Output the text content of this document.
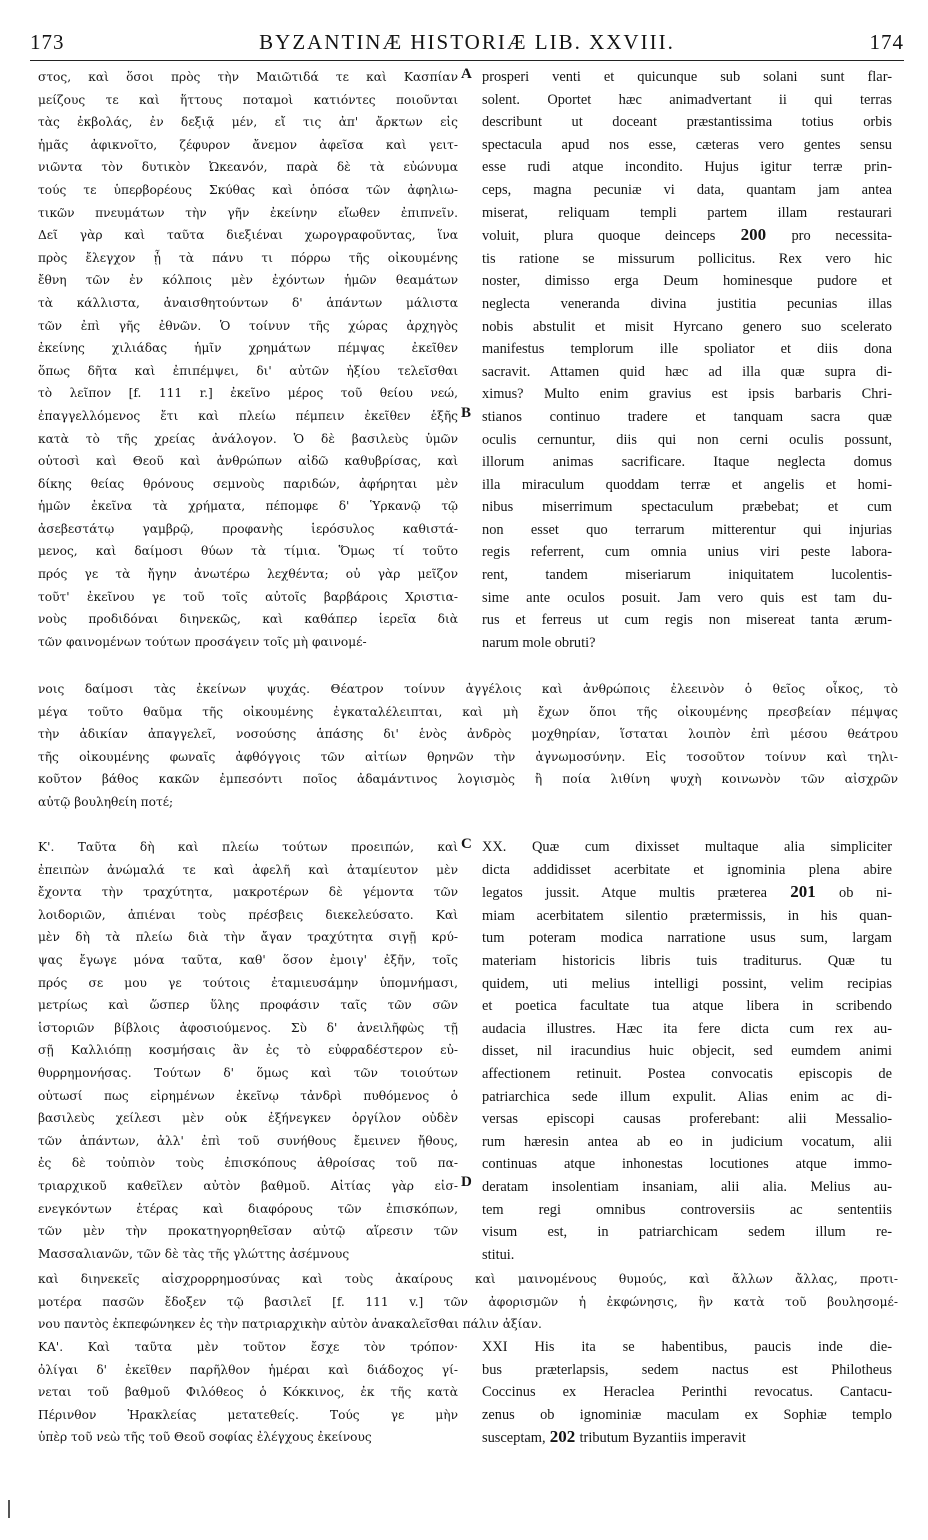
173	BYZANTINÆ HISTORIÆ LIB. XXVIII.	174
στος, καὶ ὅσοι πρὸς τὴν Μαιῶτιδά τε καὶ Κασπίαν
μείζους τε καὶ ἥττους ποταμοὶ κατιόντες ποιοῦνται
τὰς ἐκβολάς, ἐν δεξιᾷ μέν, εἴ τις ἀπ' ἄρκτων εἰς
ἡμᾶς ἀφικνοῖτο, ζέφυρον ἄνεμον ἀφεῖσα καὶ γειτ-
νιῶντα τὸν δυτικὸν Ὠκεανόν, παρὰ δὲ τὰ εὐώνυμα
τούς τε ὑπερβορέους Σκύθας καὶ ὁπόσα τῶν ἀφηλιω-
τικῶν πνευμάτων τὴν γῆν ἐκείνην εἴωθεν ἐπιπνεῖν.
Δεῖ γὰρ καὶ ταῦτα διεξιέναι χωρογραφοῦντας, ἵνα
πρὸς ἔλεγχον ᾖ τὰ πάνυ τι πόρρω τῆς οἰκουμένης
ἔθνη τῶν ἐν κόλποις μὲν ἐχόντων ἡμῶν θεαμάτων
τὰ κάλλιστα, ἀναισθητούντων δ' ἁπάντων μάλιστα
τῶν ἐπὶ γῆς ἐθνῶν. Ὁ τοίνυν τῆς χώρας ἀρχηγὸς
ἐκείνης χιλιάδας ἡμῖν χρημάτων πέμψας ἐκεῖθεν
ὅπως δῆτα καὶ ἐπιπέμψει, δι' αὐτῶν ἠξίου τελεῖσθαι
τὸ λεῖπον [f. 111 r.] ἐκεῖνο μέρος τοῦ θείου νεώ,
ἐπαγγελλόμενος ἔτι καὶ πλείω πέμπειν ἐκεῖθεν ἑξῆς
κατὰ τὸ τῆς χρείας ἀνάλογον. Ὁ δὲ βασιλεὺς ὑμῶν
οὑτοσὶ καὶ Θεοῦ καὶ ἀνθρώπων αἰδῶ καθυβρίσας, καὶ
δίκης θείας θρόνους σεμνοὺς παριδών, ἀφήρηται μὲν
ἡμῶν ἐκεῖνα τὰ χρήματα, πέπομφε δ' Ὑρκανῷ τῷ
ἀσεβεστάτῳ γαμβρῷ, προφανὴς ἱερόσυλος καθιστά-
μενος, καὶ δαίμοσι θύων τὰ τίμια. Ὅμως τί τοῦτο
πρός γε τὰ ἤγην ἀνωτέρω λεχθέντα; οὐ γὰρ μεῖζον
τοῦτ' ἐκεῖνου γε τοῦ τοῖς αὐτοῖς βαρβάροις Χριστια-
νοὺς προδιδόναι διηνεκῶς, καὶ καθάπερ ἱερεῖα διὰ
τῶν φαινομένων τούτων προσάγειν τοῖς μὴ φαινομέ-
prosperi venti et quicunque sub solani sunt flar-
solent. Oportet hæc animadvertant ii qui terras
describunt ut doceant præstantissima totius orbis
spectacula apud nos esse, cæteras vero gentes sensu
esse rudi atque incondito. Hujus igitur terræ prin-
ceps, magna pecuniæ vi data, quantam jam antea
miserat, reliquam templi partem illam restaurari
voluit, plura quoque deinceps 200 pro necessita-
tis ratione se missurum pollicitus. Rex vero hic
noster, dimisso erga Deum hominesque pudore et
neglecta veneranda divina justitia pecunias illas
nobis abstulit et misit Hyrcano genero suo scelerato
manifestus templorum ille spoliator et diis dona
sacravit. Attamen quid hæc ad illa quæ supra di-
ximus? Multo enim gravius est ipsis barbaris Chri-
stianos continuo tradere et tanquam sacra quæ
oculis cernuntur, diis qui non cerni oculis possunt,
illorum animas sacrificare. Itaque neglecta domus
illa miraculum quoddam terræ et angelis et homi-
nibus miserrimum spectaculum præbebat; et cum
non esset quo terrarum mitterentur qui injurias
regis referrent, cum omnia unius viri peste labora-
rent, tandem miseriarum iniquitatem lucolentis-
sime ante oculos posuit. Jam vero quis est tam du-
rus et ferreus ut cum regis non misereat tanta ærum-
narum mole obruti?
νοις δαίμοσι τὰς ἐκείνων ψυχάς. Θέατρον τοίνυν ἀγγέλοις καὶ ἀνθρώποις ἐλεεινὸν ὁ θεῖος οἶκος, τὸ
μέγα τοῦτο θαῦμα τῆς οἰκουμένης ἐγκαταλέλειπται, καὶ μὴ ἔχων ὅποι τῆς οἰκουμένης πρεσβείαν πέμψας
τὴν ἀδικίαν ἀπαγγελεῖ, νοσούσης ἁπάσης δι' ἑνὸς ἀνδρὸς μοχθηρίαν, ἵσταται λοιπὸν ἐπὶ μέσου θεάτρου
τῆς οἰκουμένης φωναῖς ἀφθόγγοις τῶν αἰτίων θρηνῶν τὴν ἀγνωμοσύνην. Εἰς τοσοῦτον τοίνυν καὶ τηλι-
κοῦτον βάθος κακῶν ἐμπεσόντι ποῖος ἀδαμάντινος λογισμὸς ἢ ποία λιθίνη ψυχὴ κοινωνὸν τῶν αἰσχρῶν
αὐτῷ βουληθείη ποτέ;
Κ'. Ταῦτα δὴ καὶ πλείω τούτων προειπών, καὶ
ἐπειπὼν ἀνώμαλά τε καὶ ἀφελῆ καὶ ἀταμίευτον μὲν
ἔχοντα τὴν τραχύτητα, μακροτέρων δὲ γέμοντα τῶν
λοιδοριῶν, ἀπιέναι τοὺς πρέσβεις διεκελεύσατο. Καὶ
μὲν δὴ τὰ πλείω διὰ τὴν ἄγαν τραχύτητα σιγῇ κρύ-
ψας ἔγωγε μόνα ταῦτα, καθ' ὅσον ἐμοιγ' ἐξῆν, τοῖς
πρός σε μου γε τούτοις ἐταμιευσάμην ὑπομνήμασι,
μετρίως καὶ ὥσπερ ὕλης προφάσιν ταῖς τῶν σῶν
ἱστοριῶν βίβλοις ἀφοσιούμενος. Σὺ δ' ἀνειλῆφὼς τῇ
σῇ Καλλιόπῃ κοσμήσαις ἂν ἐς τὸ εὐφραδέστερον εὐ-
θυρρημονήσας. Τούτων δ' ὅμως καὶ τῶν τοιούτων
οὑτωσί πως εἰρημένων ἐκεῖνῳ τἀνδρὶ πυθόμενος ὁ
βασιλεὺς χείλεσι μὲν οὐκ ἐξήνεγκεν ὀργίλον οὐδὲν
τῶν ἁπάντων, ἀλλ' ἐπὶ τοῦ συνήθους ἔμεινεν ἤθους,
ἐς δὲ τοὐπιὸν τοὺς ἐπισκόπους ἀθροίσας τοῦ πα-
τριαρχικοῦ καθεῖλεν αὐτὸν βαθμοῦ. Αἰτίας γὰρ εἰσ-
ενεγκόντων ἑτέρας καὶ διαφόρους τῶν ἐπισκόπων,
τῶν μὲν τὴν προκατηγορηθεῖσαν αὐτῷ αἵρεσιν τῶν
Μασσαλιανῶν, τῶν δὲ τὰς τῆς γλώττης ἀσέμνους
XX. Quæ cum dixisset multaque alia simpliciter
dicta addidisset acerbitate et ignominia plena abire
legatos jussit. Atque multis præterea 201 ob ni-
miam acerbitatem silentio prætermissis, in his quan-
tum poteram modica narratione usus sum, largam
materiam historicis libris tuis traditurus. Quæ tu
quidem, uti melius intelligi possint, velim recipias
et poetica facultate tua atque libera in scribendo
audacia illustres. Hæc ita fere dicta cum rex au-
disset, nil iracundius huic objecit, sed eumdem animi
affectionem retinuit. Postea convocatis episcopis de
patriarchica sede illum expulit. Alias enim ac di-
versas episcopi causas proferebant: alii Messalio-
rum hæresin antea ab eo in judicium vocatum, alii
continuas atque inhonestas locutiones atque immo-
deratam insolentiam insaniam, alii alia. Melius au-
tem regi omnibus controversiis ac sententiis
visum est, in patriarchicam sedem illum re-
stitui.
καὶ διηνεκεῖς αἰσχρορρημοσύνας καὶ τοὺς ἀκαίρους καὶ μαινομένους θυμούς, καὶ ἄλλων ἄλλας, προτι-
μοτέρα πασῶν ἔδοξεν τῷ βασιλεῖ [f. 111 v.] τῶν ἀφορισμῶν ἡ ἐκφώνησις, ἣν κατὰ τοῦ βουλησομέ-
νου παντὸς ἐκπεφώνηκεν ἐς τὴν πατριαρχικὴν αὐτὸν ἀνακαλεῖσθαι πάλιν ἀξίαν.
ΚΑ'. Καὶ ταῦτα μὲν τοῦτον ἔσχε τὸν τρόπον·
ὀλίγαι δ' ἐκεῖθεν παρῆλθον ἡμέραι καὶ διάδοχος γί-
νεται τοῦ βαθμοῦ Φιλόθεος ὁ Κόκκινος, ἐκ τῆς κατὰ
Πέρινθον Ἡρακλείας μετατεθείς. Τούς γε μὴν
ὑπὲρ τοῦ νεὼ τῆς τοῦ Θεοῦ σοφίας ἐλέγχους ἐκείνους
XXI His ita se habentibus, paucis inde die-
bus præterlapsis, sedem nactus est Philotheus
Coccinus ex Heraclea Perinthi revocatus. Cantacu-
zenus ob ignominiæ maculam ex Sophiæ templo
susceptam, 202 tributum Byzantiis imperavit
A
B
C
D
